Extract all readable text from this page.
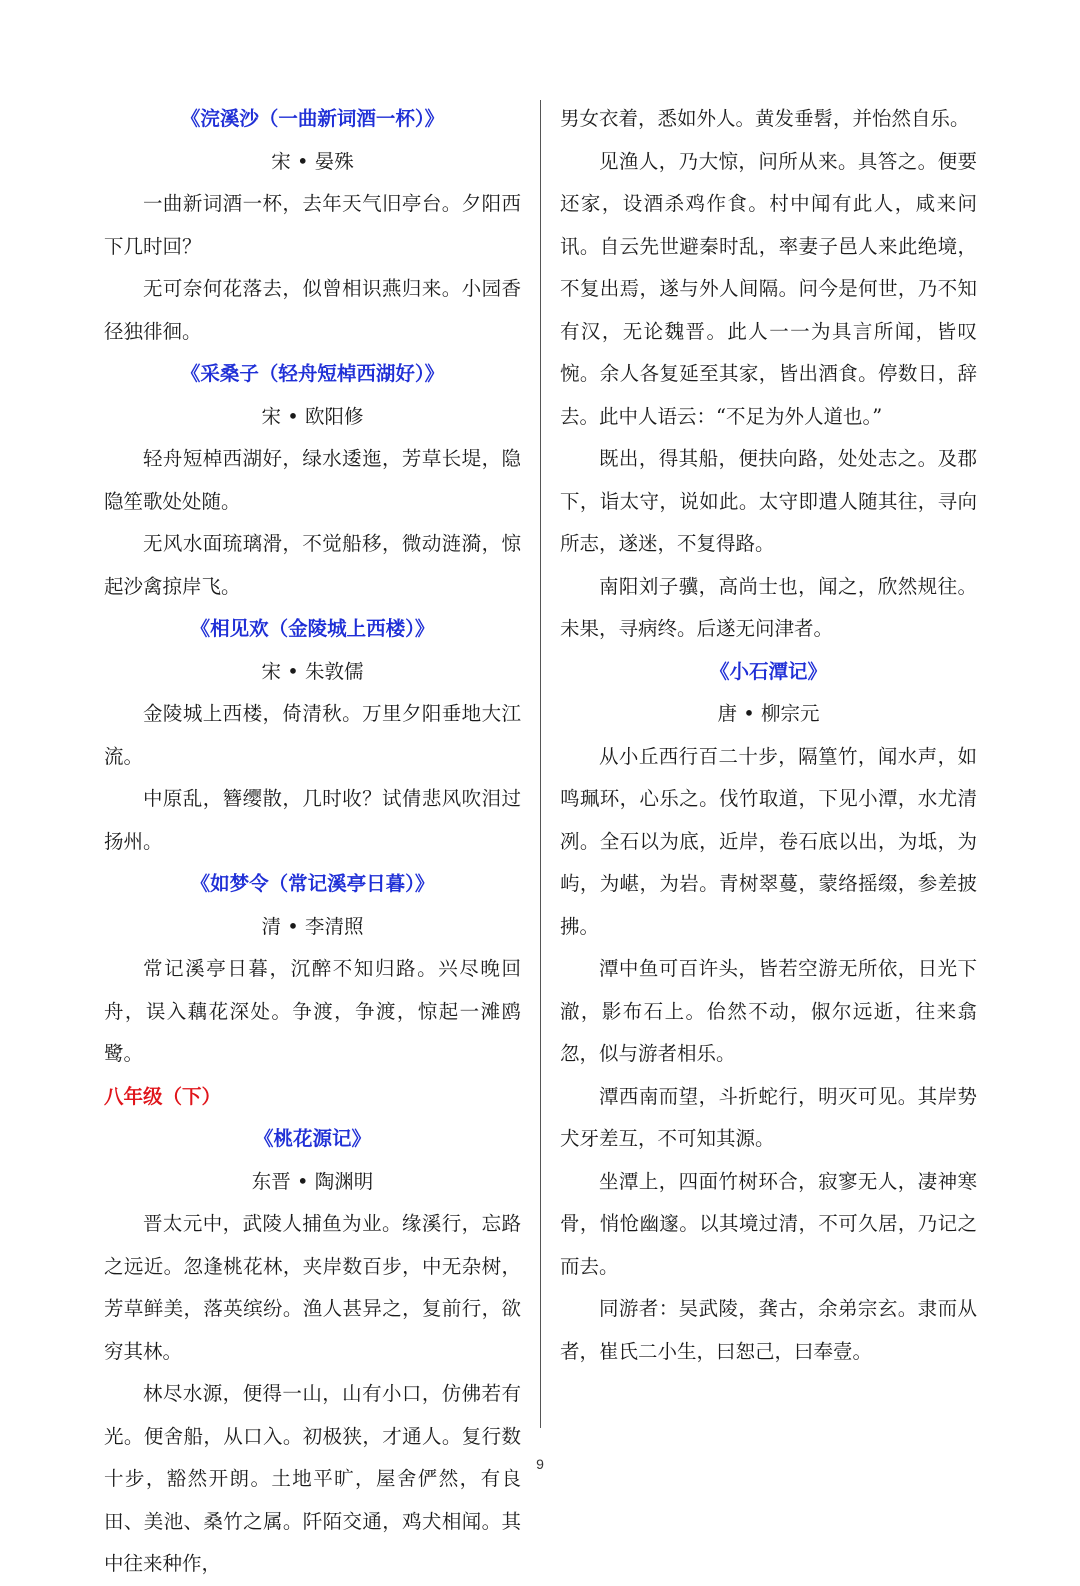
《浣溪沙（一曲新词酒一杯）》
宋 • 晏殊

一曲新词酒一杯，去年天气旧亭台。夕阳西下几时回？

无可奈何花落去，似曾相识燕归来。小园香径独徘徊。

《采桑子（轻舟短棹西湖好）》
宋 • 欧阳修

轻舟短棹西湖好，绿水逶迤，芳草长堤，隐隐笙歌处处随。

无风水面琉璃滑，不觉船移，微动涟漪，惊起沙禽掠岸飞。

《相见欢（金陵城上西楼）》
宋 • 朱敦儒

金陵城上西楼，倚清秋。万里夕阳垂地大江流。

中原乱，簪缨散，几时收？试倩悲风吹泪过扬州。

《如梦令（常记溪亭日暮）》
清 • 李清照

常记溪亭日暮，沉醉不知归路。兴尽晚回舟，误入藕花深处。争渡，争渡，惊起一滩鸥鹭。

八年级（下）
《桃花源记》
东晋 • 陶渊明

晋太元中，武陵人捕鱼为业。缘溪行，忘路之远近。忽逢桃花林，夹岸数百步，中无杂树，芳草鲜美，落英缤纷。渔人甚异之，复前行，欲穷其林。

林尽水源，便得一山，山有小口，仿佛若有光。便舍船，从口入。初极狭，才通人。复行数十步，豁然开朗。土地平旷，屋舍俨然，有良田、美池、桑竹之属。阡陌交通，鸡犬相闻。其中往来种作，

男女衣着，悉如外人。黄发垂髫，并怡然自乐。

见渔人，乃大惊，问所从来。具答之。便要还家，设酒杀鸡作食。村中闻有此人，咸来问讯。自云先世避秦时乱，率妻子邑人来此绝境，不复出焉，遂与外人间隔。问今是何世，乃不知有汉，无论魏晋。此人一一为具言所闻，皆叹惋。余人各复延至其家，皆出酒食。停数日，辞去。此中人语云：“不足为外人道也。”

既出，得其船，便扶向路，处处志之。及郡下，诣太守，说如此。太守即遣人随其往，寻向所志，遂迷，不复得路。

南阳刘子骥，高尚士也，闻之，欣然规往。未果，寻病终。后遂无问津者。

《小石潭记》
唐 • 柳宗元

从小丘西行百二十步，隔篁竹，闻水声，如鸣珮环，心乐之。伐竹取道，下见小潭，水尤清冽。全石以为底，近岸，卷石底以出，为坻，为屿，为嵁，为岩。青树翠蔓，蒙络摇缀，参差披拂。

潭中鱼可百许头，皆若空游无所依，日光下澈，影布石上。佁然不动，俶尔远逝，往来翕忽，似与游者相乐。

潭西南而望，斗折蛇行，明灭可见。其岸势犬牙差互，不可知其源。

坐潭上，四面竹树环合，寂寥无人，凄神寒骨，悄怆幽邃。以其境过清，不可久居，乃记之而去。

同游者：吴武陵，龚古，余弟宗玄。隶而从者，崔氏二小生，曰恕己，曰奉壹。

9
